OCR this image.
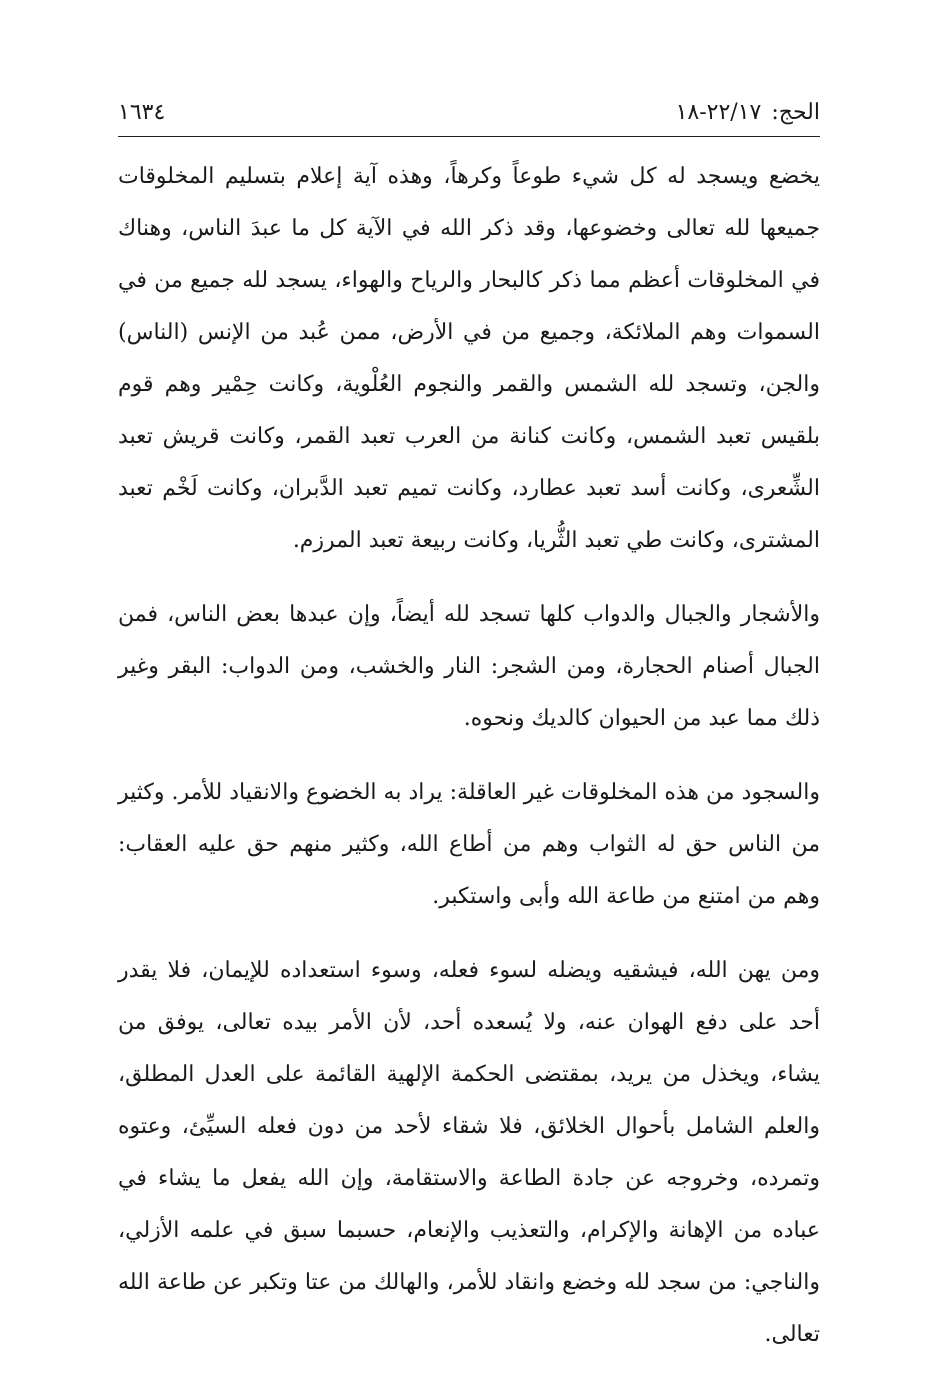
الحج:
٢٢/١٧-١٨
١٦٣٤

يخضع ويسجد له كل شيء طوعاً وكرهاً، وهذه آية إعلام بتسليم المخلوقات جميعها لله تعالى وخضوعها، وقد ذكر الله في الآية كل ما عبدَ الناس، وهناك في المخلوقات أعظم مما ذكر كالبحار والرياح والهواء، يسجد لله جميع من في السموات وهم الملائكة، وجميع من في الأرض، ممن عُبد من الإنس (الناس) والجن، وتسجد لله الشمس والقمر والنجوم العُلْوية، وكانت حِمْير وهم قوم بلقيس تعبد الشمس، وكانت كنانة من العرب تعبد القمر، وكانت قريش تعبد الشِّعرى، وكانت أسد تعبد عطارد، وكانت تميم تعبد الدَّبران، وكانت لَخْم تعبد المشترى، وكانت طي تعبد الثُّريا، وكانت ربيعة تعبد المرزم.

والأشجار والجبال والدواب كلها تسجد لله أيضاً، وإن عبدها بعض الناس، فمن الجبال أصنام الحجارة، ومن الشجر: النار والخشب، ومن الدواب: البقر وغير ذلك مما عبد من الحيوان كالديك ونحوه.

والسجود من هذه المخلوقات غير العاقلة: يراد به الخضوع والانقياد للأمر. وكثير من الناس حق له الثواب وهم من أطاع الله، وكثير منهم حق عليه العقاب: وهم من امتنع من طاعة الله وأبى واستكبر.

ومن يهن الله، فيشقيه ويضله لسوء فعله، وسوء استعداده للإيمان، فلا يقدر أحد على دفع الهوان عنه، ولا يُسعده أحد، لأن الأمر بيده تعالى، يوفق من يشاء، ويخذل من يريد، بمقتضى الحكمة الإلهية القائمة على العدل المطلق، والعلم الشامل بأحوال الخلائق، فلا شقاء لأحد من دون فعله السيِّئ، وعتوه وتمرده، وخروجه عن جادة الطاعة والاستقامة، وإن الله يفعل ما يشاء في عباده من الإهانة والإكرام، والتعذيب والإنعام، حسبما سبق في علمه الأزلي، والناجي: من سجد لله وخضع وانقاد للأمر، والهالك من عتا وتكبر عن طاعة الله تعالى.
